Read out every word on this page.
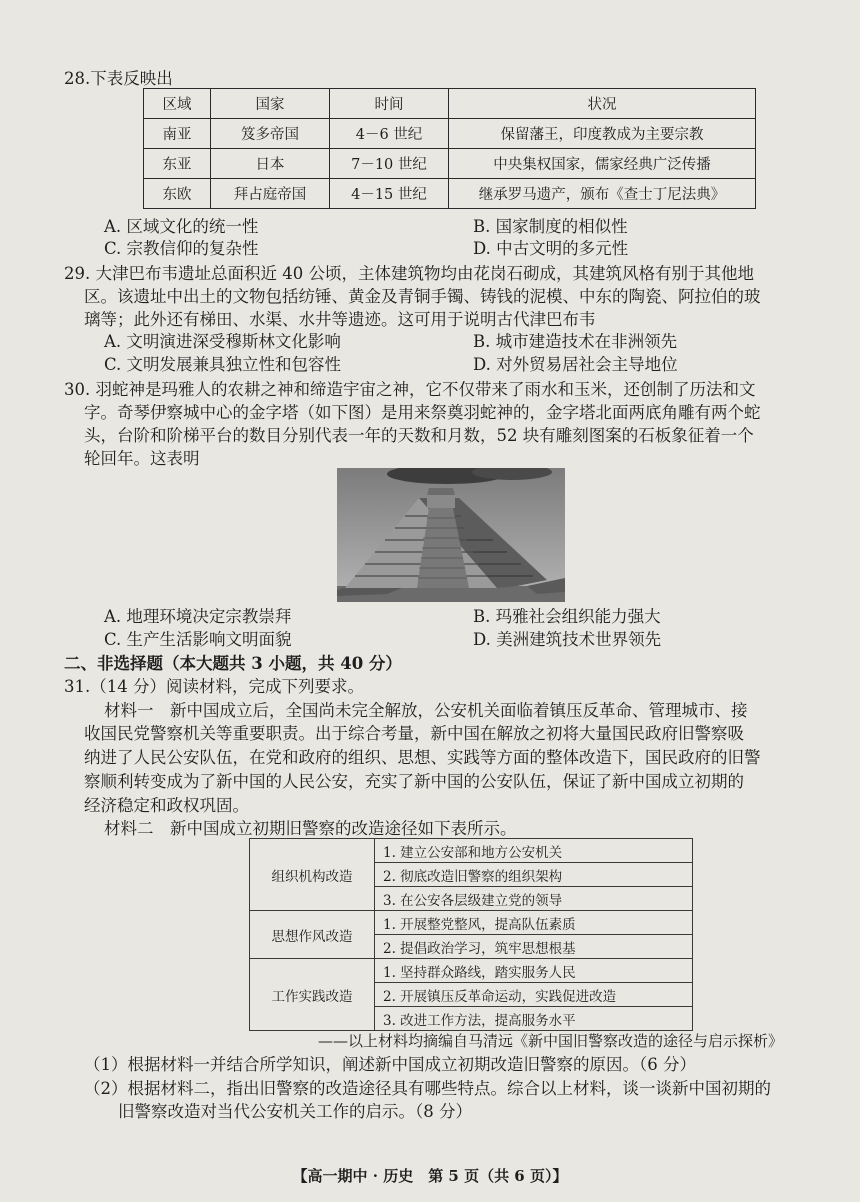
28.下表反映出
区域	国家	时间	状况
南亚	笈多帝国	4－6 世纪	保留藩王，印度教成为主要宗教
东亚	日本	7－10 世纪	中央集权国家，儒家经典广泛传播
东欧	拜占庭帝国	4－15 世纪	继承罗马遗产，颁布《查士丁尼法典》
A. 区域文化的统一性	B. 国家制度的相似性
C. 宗教信仰的复杂性	D. 中古文明的多元性
29. 大津巴布韦遗址总面积近 40 公顷，主体建筑物均由花岗石砌成，其建筑风格有别于其他地
区。该遗址中出土的文物包括纺锤、黄金及青铜手镯、铸钱的泥模、中东的陶瓷、阿拉伯的玻
璃等；此外还有梯田、水渠、水井等遗迹。这可用于说明古代津巴布韦
A. 文明演进深受穆斯林文化影响	B. 城市建造技术在非洲领先
C. 文明发展兼具独立性和包容性	D. 对外贸易居社会主导地位
30. 羽蛇神是玛雅人的农耕之神和缔造宇宙之神，它不仅带来了雨水和玉米，还创制了历法和文
字。奇琴伊察城中心的金字塔（如下图）是用来祭奠羽蛇神的，金字塔北面两底角雕有两个蛇
头，台阶和阶梯平台的数目分别代表一年的天数和月数，52 块有雕刻图案的石板象征着一个
轮回年。这表明
A. 地理环境决定宗教崇拜	B. 玛雅社会组织能力强大
C. 生产生活影响文明面貌	D. 美洲建筑技术世界领先
二、非选择题（本大题共 3 小题，共 40 分）
31.（14 分）阅读材料，完成下列要求。
材料一　新中国成立后，全国尚未完全解放，公安机关面临着镇压反革命、管理城市、接
收国民党警察机关等重要职责。出于综合考量，新中国在解放之初将大量国民政府旧警察吸
纳进了人民公安队伍，在党和政府的组织、思想、实践等方面的整体改造下，国民政府的旧警
察顺利转变成为了新中国的人民公安，充实了新中国的公安队伍，保证了新中国成立初期的
经济稳定和政权巩固。
材料二　新中国成立初期旧警察的改造途径如下表所示。
组织机构改造	1. 建立公安部和地方公安机关
	2. 彻底改造旧警察的组织架构
	3. 在公安各层级建立党的领导
思想作风改造	1. 开展整党整风，提高队伍素质
	2. 提倡政治学习，筑牢思想根基
工作实践改造	1. 坚持群众路线，踏实服务人民
	2. 开展镇压反革命运动，实践促进改造
	3. 改进工作方法，提高服务水平
——以上材料均摘编自马清远《新中国旧警察改造的途径与启示探析》
（1）根据材料一并结合所学知识，阐述新中国成立初期改造旧警察的原因。（6 分）
（2）根据材料二，指出旧警察的改造途径具有哪些特点。综合以上材料，谈一谈新中国初期的
旧警察改造对当代公安机关工作的启示。（8 分）
【高一期中 · 历史　第 5 页（共 6 页）】
